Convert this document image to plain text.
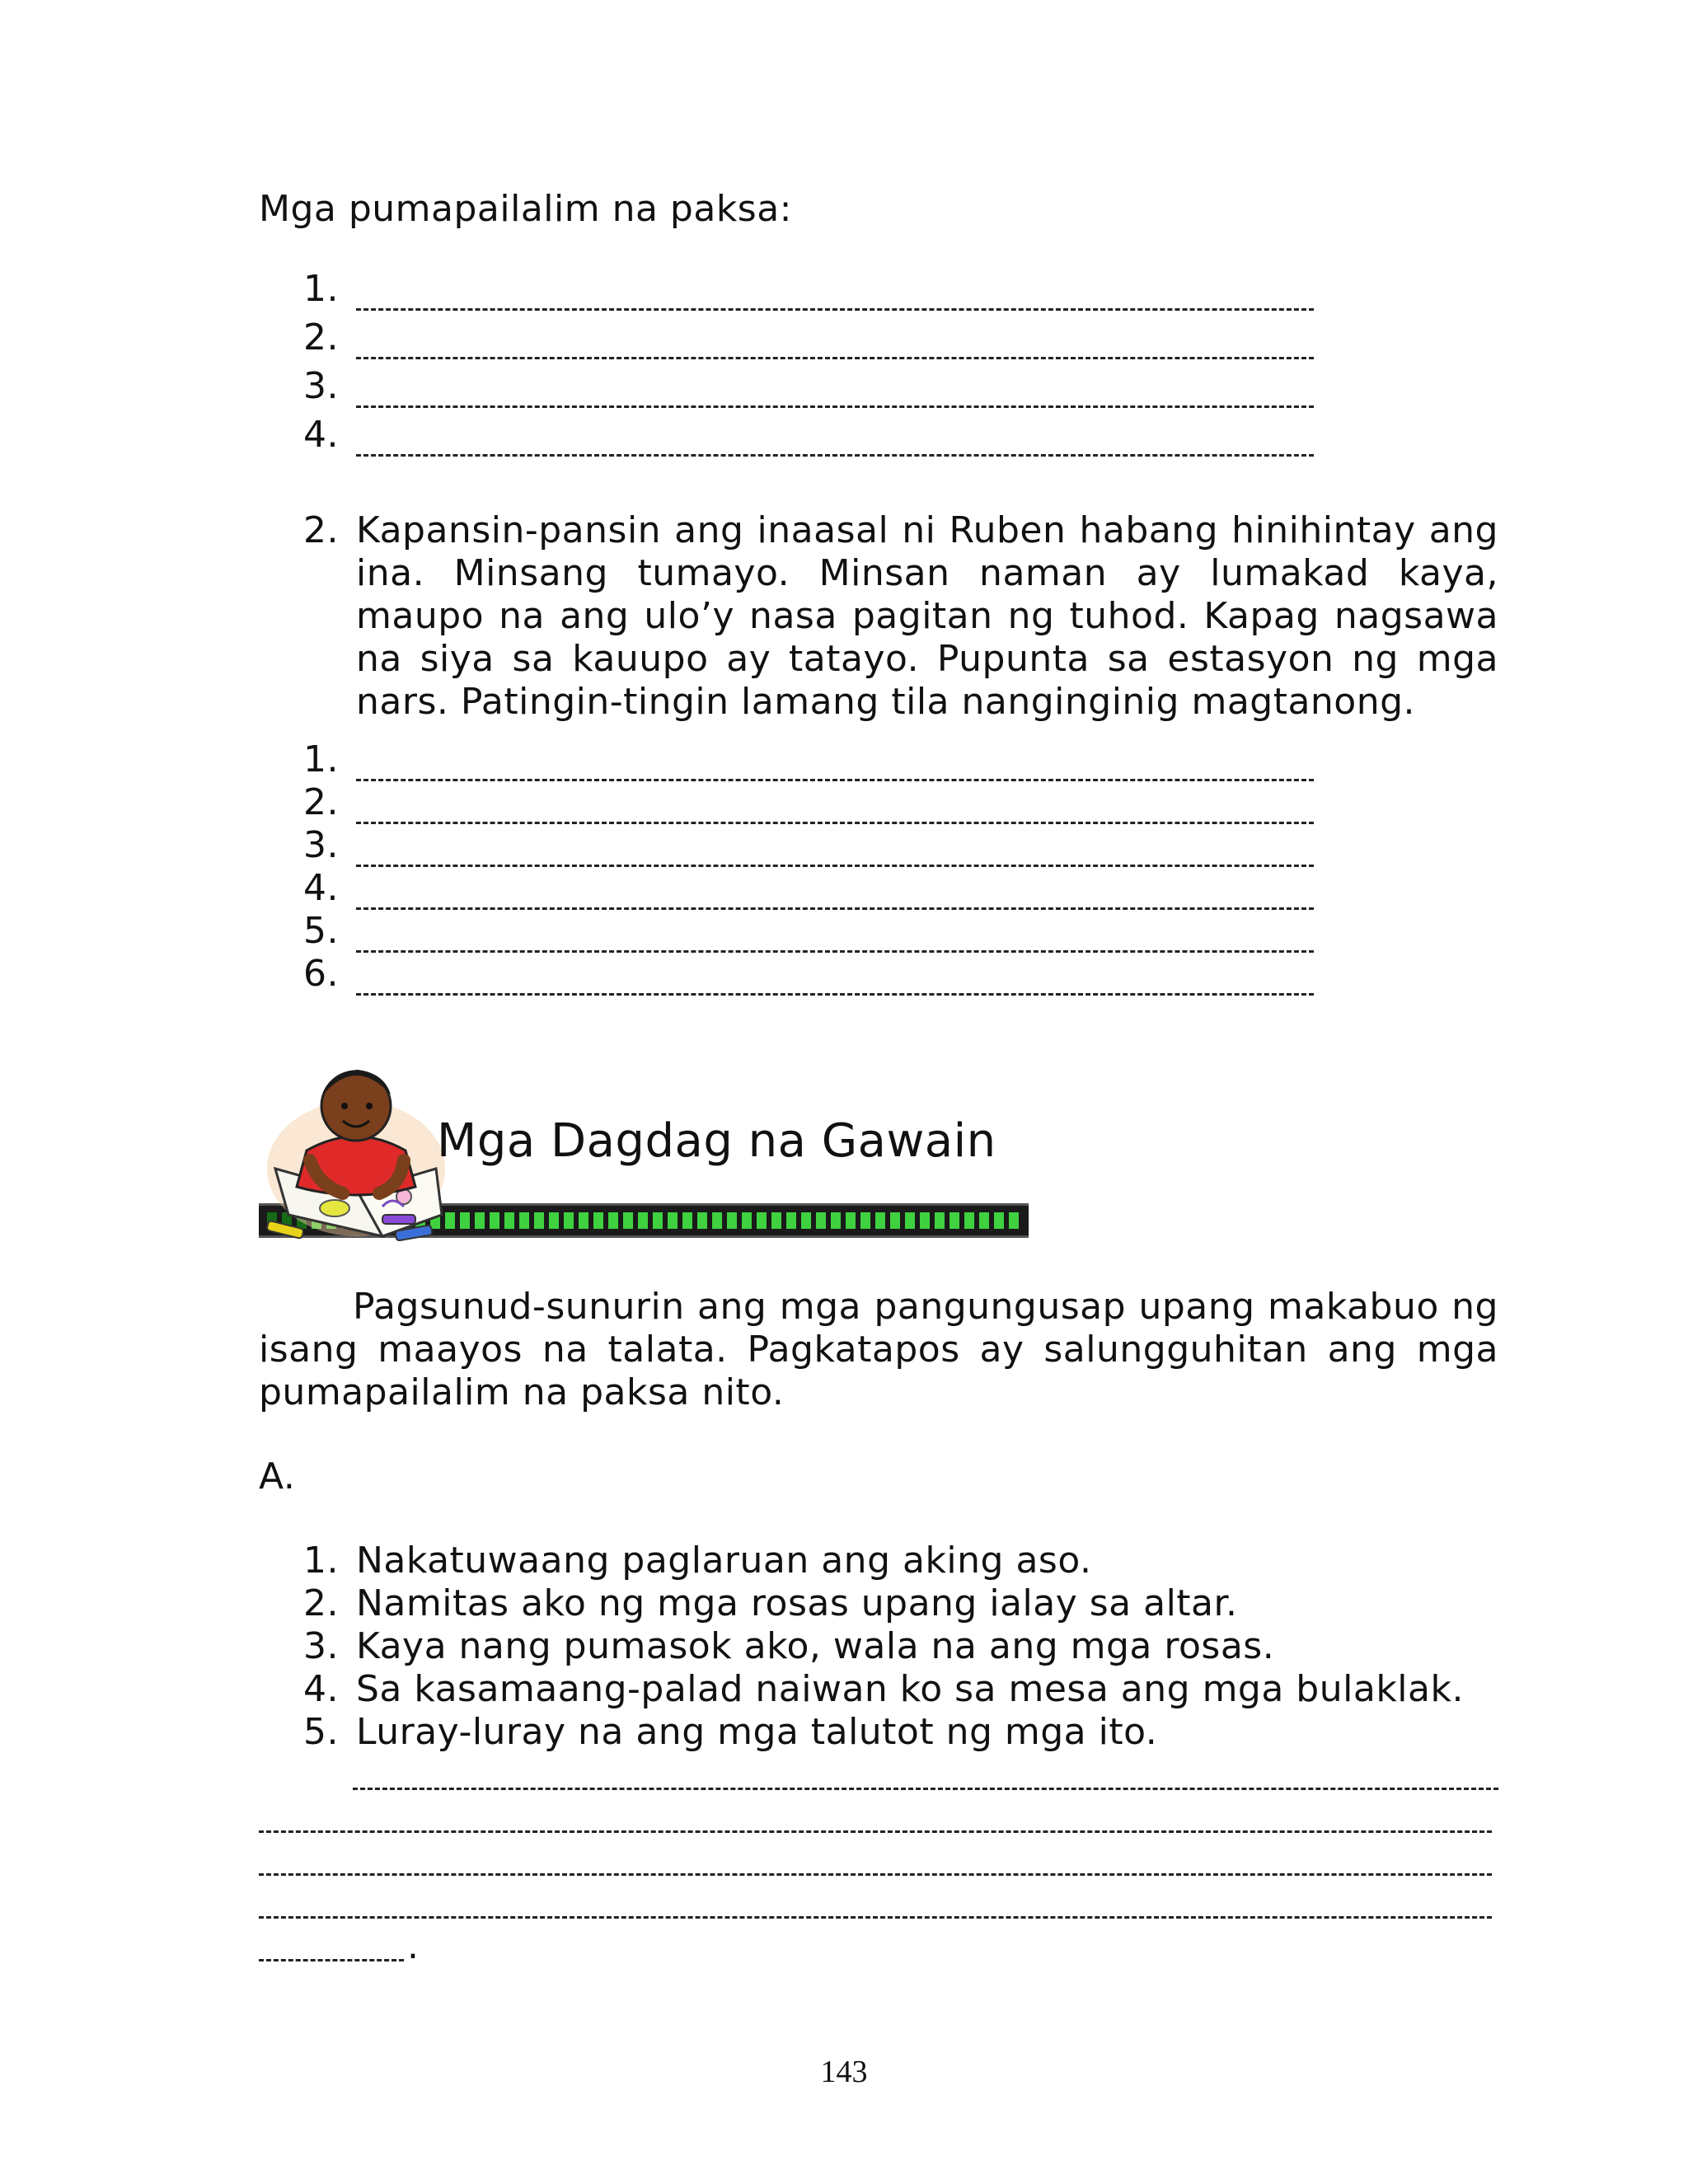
Mga pumapailalim na paksa:
1.
2.
3.
4.
2. Kapansin-pansin ang inaasal ni Ruben habang hinihintay ang ina. Minsang tumayo. Minsan naman ay lumakad kaya, maupo na ang ulo’y nasa pagitan ng tuhod. Kapag nagsawa na siya sa kauupo ay tatayo. Pupunta sa estasyon ng mga nars. Patingin-tingin lamang tila nanginginig magtanong.

1.
2.
3.
4.
5.
6.
Mga Dagdag na Gawain

Pagsunud-sunurin ang mga pangungusap upang makabuo ng isang maayos na talata. Pagkatapos ay salungguhitan ang mga pumapailalim na paksa nito.

A.
1. Nakatuwaang paglaruan ang aking aso.
2. Namitas ako ng mga rosas upang ialay sa altar.
3. Kaya nang pumasok ako, wala na ang mga rosas.
4. Sa kasamaang-palad naiwan ko sa mesa ang mga bulaklak.
5. Luray-luray na ang mga talutot ng mga ito.
.
143
